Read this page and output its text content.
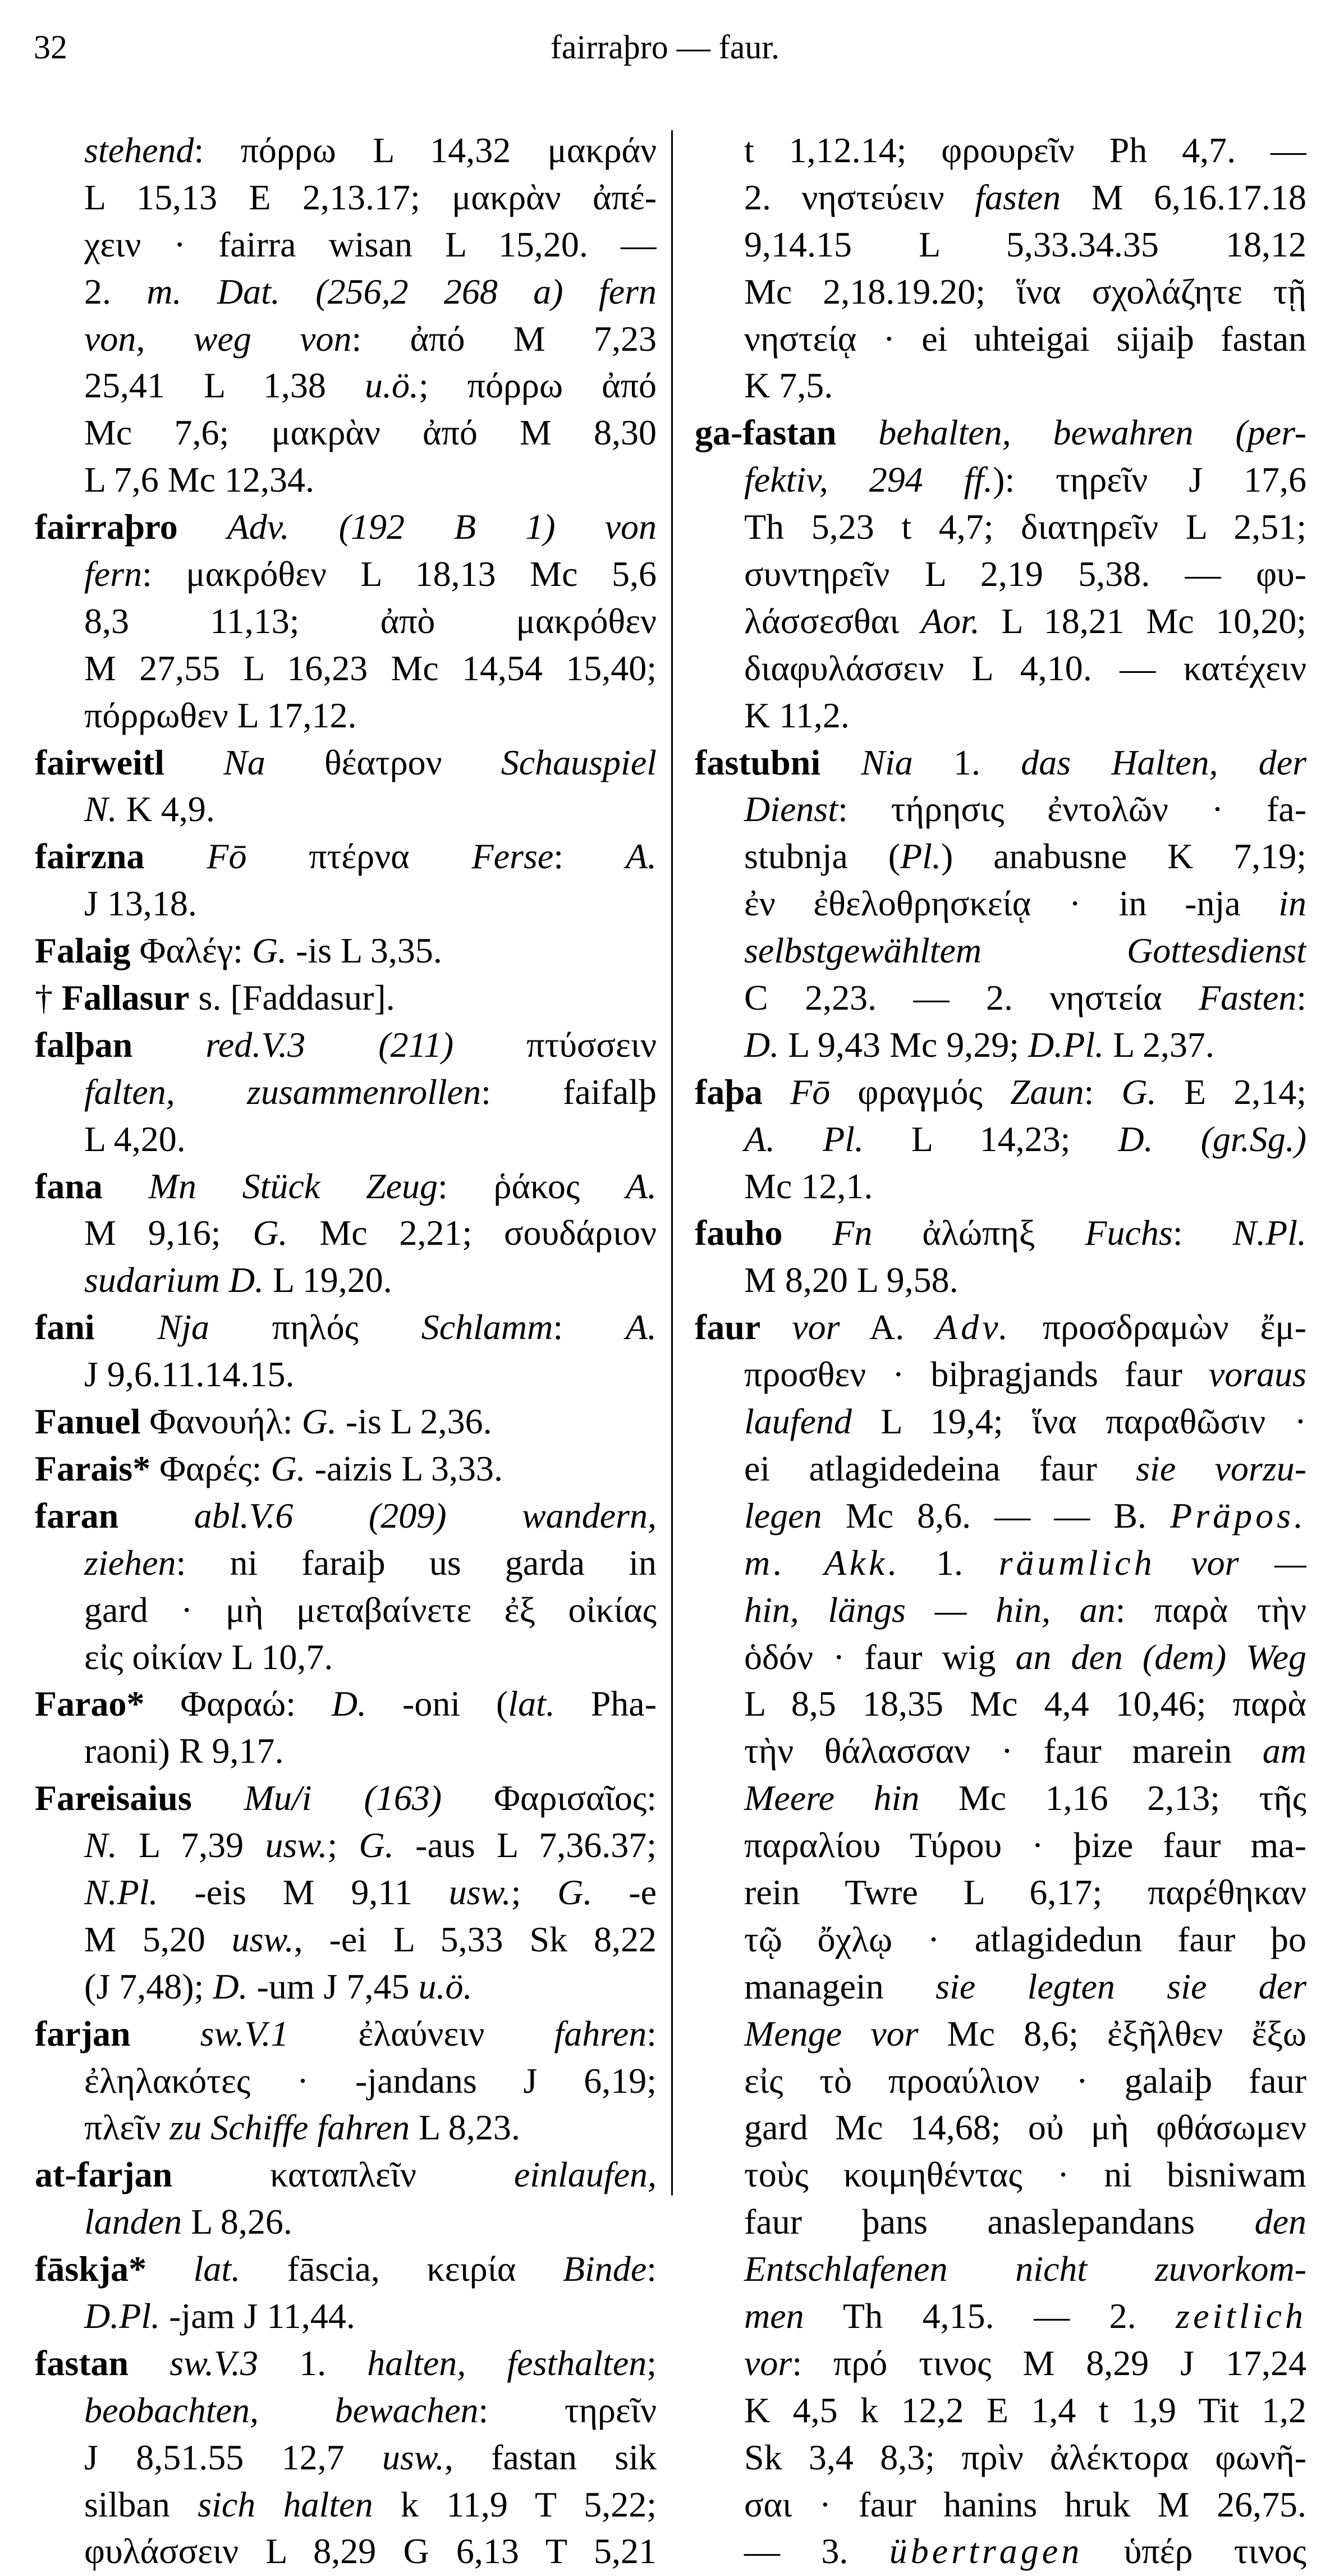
32	fairraþro — faur.
stehend: πόρρω L 14,32 μακράν
L 15,13 E 2,13.17; μακρὰν ἀπέ-
χειν · fairra wisan L 15,20. —
2. m. Dat. (256,2 268 a) fern
von, weg von: ἀπό M 7,23
25,41 L 1,38 u.ö.; πόρρω ἀπό
Mc 7,6; μακρὰν ἀπό M 8,30
L 7,6 Mc 12,34.
fairraþro Adv. (192 B 1) von
fern: μακρόθεν L 18,13 Mc 5,6
8,3 11,13; ἀπὸ μακρόθεν
M 27,55 L 16,23 Mc 14,54 15,40;
πόρρωθεν L 17,12.
fairweitl Na θέατρον Schauspiel
N. K 4,9.
fairzna Fō πτέρνα Ferse: A.
J 13,18.
Falaig Φαλέγ: G. -is L 3,35.
† Fallasur s. [Faddasur].
falþan red.V.3 (211) πτύσσειν
falten, zusammenrollen: faifalþ
L 4,20.
fana Mn Stück Zeug: ῥάκος A.
M 9,16; G. Mc 2,21; σουδάριον
sudarium D. L 19,20.
fani Nja πηλός Schlamm: A.
J 9,6.11.14.15.
Fanuel Φανουήλ: G. -is L 2,36.
Farais* Φαρές: G. -aizis L 3,33.
faran abl.V.6 (209) wandern,
ziehen: ni faraiþ us garda in
gard · μὴ μεταβαίνετε ἐξ οἰκίας
εἰς οἰκίαν L 10,7.
Farao* Φαραώ: D. -oni (lat. Pha-
raoni) R 9,17.
Fareisaius Mu/i (163) Φαρισαῖος:
N. L 7,39 usw.; G. -aus L 7,36.37;
N.Pl. -eis M 9,11 usw.; G. -e
M 5,20 usw., -ei L 5,33 Sk 8,22
(J 7,48); D. -um J 7,45 u.ö.
farjan sw.V.1 ἐλαύνειν fahren:
ἐληλακότες · -jandans J 6,19;
πλεῖν zu Schiffe fahren L 8,23.
at-farjan καταπλεῖν einlaufen,
landen L 8,26.
fāskja* lat. fāscia, κειρία Binde:
D.Pl. -jam J 11,44.
fastan sw.V.3 1. halten, festhalten;
beobachten, bewachen: τηρεῖν
J 8,51.55 12,7 usw., fastan sik
silban sich halten k 11,9 T 5,22;
φυλάσσειν L 8,29 G 6,13 T 5,21
t 1,12.14; φρουρεῖν Ph 4,7. —
2. νηστεύειν fasten M 6,16.17.18
9,14.15 L 5,33.34.35 18,12
Mc 2,18.19.20; ἵνα σχολάζητε τῇ
νηστείᾳ · ei uhteigai sijaiþ fastan
K 7,5.
ga-fastan behalten, bewahren (per-
fektiv, 294 ff.): τηρεῖν J 17,6
Th 5,23 t 4,7; διατηρεῖν L 2,51;
συντηρεῖν L 2,19 5,38. — φυ-
λάσσεσθαι Aor. L 18,21 Mc 10,20;
διαφυλάσσειν L 4,10. — κατέχειν
K 11,2.
fastubni Nia 1. das Halten, der
Dienst: τήρησις ἐντολῶν · fa-
stubnja (Pl.) anabusne K 7,19;
ἐν ἐθελοθρησκείᾳ · in -nja in
selbstgewähltem Gottesdienst
C 2,23. — 2. νηστεία Fasten:
D. L 9,43 Mc 9,29; D.Pl. L 2,37.
faþa Fō φραγμός Zaun: G. E 2,14;
A. Pl. L 14,23; D. (gr.Sg.)
Mc 12,1.
fauho Fn ἀλώπηξ Fuchs: N.Pl.
M 8,20 L 9,58.
faur vor A. Adv. προσδραμὼν ἔμ-
προσθεν · biþragjands faur voraus
laufend L 19,4; ἵνα παραθῶσιν ·
ei atlagidedeina faur sie vorzu-
legen Mc 8,6. — — B. Präpos.
m. Akk. 1. räumlich vor —
hin, längs — hin, an: παρὰ τὴν
ὁδόν · faur wig an den (dem) Weg
L 8,5 18,35 Mc 4,4 10,46; παρὰ
τὴν θάλασσαν · faur marein am
Meere hin Mc 1,16 2,13; τῆς
παραλίου Τύρου · þize faur ma-
rein Twre L 6,17; παρέθηκαν
τῷ ὄχλῳ · atlagidedun faur þo
managein sie legten sie der
Menge vor Mc 8,6; ἐξῆλθεν ἔξω
εἰς τὸ προαύλιον · galaiþ faur
gard Mc 14,68; οὐ μὴ φθάσωμεν
τοὺς κοιμηθέντας · ni bisniwam
faur þans anaslepandans den
Entschlafenen nicht zuvorkom-
men Th 4,15. — 2. zeitlich
vor: πρό τινος M 8,29 J 17,24
K 4,5 k 12,2 E 1,4 t 1,9 Tit 1,2
Sk 3,4 8,3; πρὶν ἀλέκτορα φωνῆ-
σαι · faur hanins hruk M 26,75.
— 3. übertragen ὑπέρ τινος
